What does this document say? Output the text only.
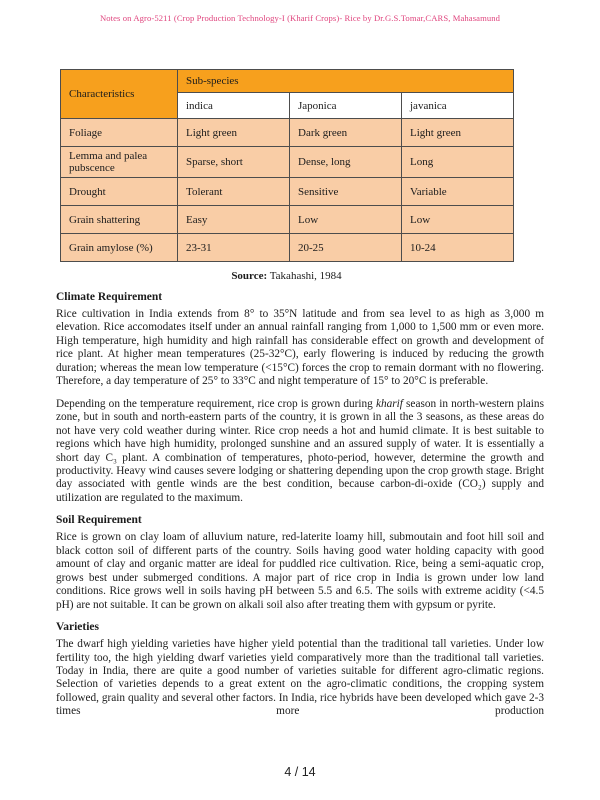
Notes on Agro-5211 (Crop Production Technology-I (Kharif Crops)- Rice by Dr.G.S.Tomar,CARS, Mahasamund
Characteristics	Sub-species		
	indica	Japonica	javanica
Foliage	Light green	Dark green	Light green
Lemma and palea pubscence	Sparse, short	Dense, long	Long
Drought	Tolerant	Sensitive	Variable
Grain shattering	Easy	Low	Low
Grain amylose (%)	23-31	20-25	10-24
Source: Takahashi, 1984
Climate Requirement

Rice cultivation in India extends from 8° to 35°N latitude and from sea level to as high as 3,000 m elevation. Rice accomodates itself under an annual rainfall ranging from 1,000 to 1,500 mm or even more. High temperature, high humidity and high rainfall has considerable effect on growth and development of rice plant. At higher mean temperatures (25-32°C), early flowering is induced by reducing the growth duration; whereas the mean low temperature (<15°C) forces the crop to remain dormant with no flowering. Therefore, a day temperature of 25° to 33°C and night temperature of 15° to 20°C is preferable.

Depending on the temperature requirement, rice crop is grown during kharif season in north-western plains zone, but in south and north-eastern parts of the country, it is grown in all the 3 seasons, as these areas do not have very cold weather during winter. Rice crop needs a hot and humid climate. It is best suitable to regions which have high humidity, prolonged sunshine and an assured supply of water. It is essentially a short day C₃ plant. A combination of temperatures, photo-period, however, determine the growth and productivity. Heavy wind causes severe lodging or shattering depending upon the crop growth stage. Bright day associated with gentle winds are the best condition, because carbon-di-oxide (CO₂) supply and utilization are regulated to the maximum.

Soil Requirement

Rice is grown on clay loam of alluvium nature, red-laterite loamy hill, submoutain and foot hill soil and black cotton soil of different parts of the country. Soils having good water holding capacity with good amount of clay and organic matter are ideal for puddled rice cultivation. Rice, being a semi-aquatic crop, grows best under submerged conditions. A major part of rice crop in India is grown under low land conditions. Rice grows well in soils having pH between 5.5 and 6.5. The soils with extreme acidity (<4.5 pH) are not suitable. It can be grown on alkali soil also after treating them with gypsum or pyrite.

Varieties

The dwarf high yielding varieties have higher yield potential than the traditional tall varieties. Under low fertility too, the high yielding dwarf varieties yield comparatively more than the traditional tall varieties. Today in India, there are quite a good number of varieties suitable for different agro-climatic regions. Selection of varieties depends to a great extent on the agro-climatic conditions, the cropping system followed, grain quality and several other factors. In India, rice hybrids have been developed which gave 2-3 times more production

4 / 14
